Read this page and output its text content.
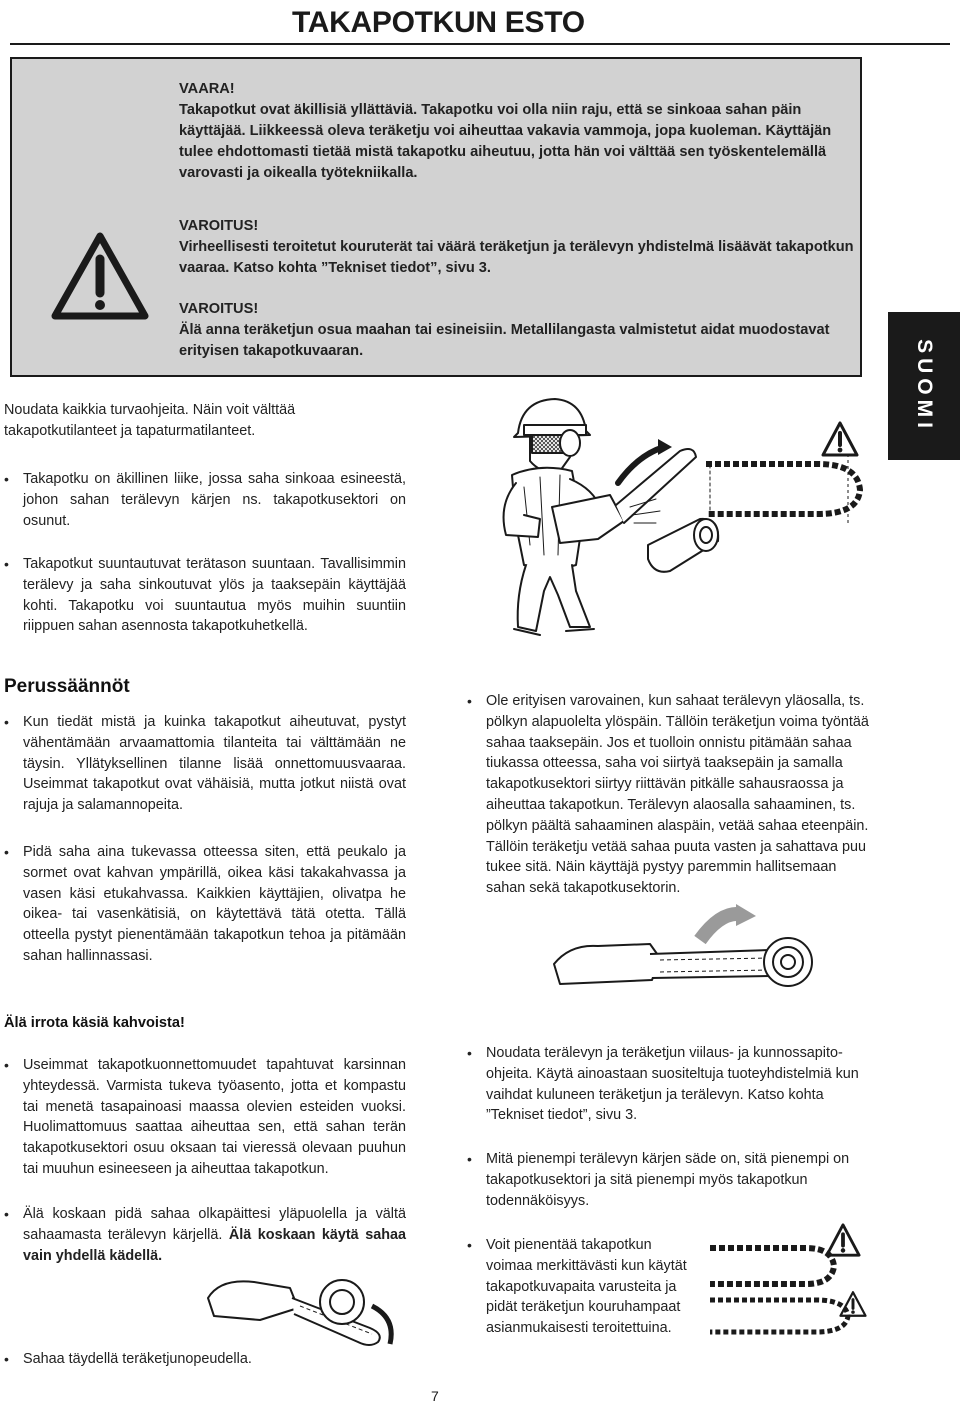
TAKAPOTKUN ESTO
VAARA!
Takapotkut ovat äkillisiä yllättäviä. Takapotku voi olla niin raju, että se sinkoaa sahan päin käyttäjää. Liikkeessä oleva teräketju voi aiheuttaa vakavia vammoja, jopa kuoleman. Käyttäjän tulee ehdottomasti tietää mistä takapotku aiheutuu, jotta hän voi välttää sen työskentelemällä varovasti ja oikealla työtekniikalla.
VAROITUS!
Virheellisesti teroitetut kouruterät tai väärä teräketjun ja terälevyn yhdistelmä lisäävät takapotkun vaaraa. Katso kohta ”Tekniset tiedot”, sivu 3.
VAROITUS!
Älä anna teräketjun osua maahan tai esineisiin. Metallilangasta valmistetut aidat muodostavat erityisen takapotkuvaaran.	SUOMI
Noudata kaikkia turvaohjeita. Näin voit välttää takapotkutilanteet ja tapaturmatilanteet.
• Takapotku on äkillinen liike, jossa saha sinkoaa esineestä, johon sahan terälevyn kärjen ns. takapotkusektori on osunut.
• Takapotkut suuntautuvat terätason suuntaan. Tavallisimmin terälevy ja saha sinkoutuvat ylös ja taaksepäin käyttäjää kohti. Takapotku voi suuntautua myös muihin suuntiin riippuen sahan asennosta takapotkuhetkellä.
Perussäännöt
• Kun tiedät mistä ja kuinka takapotkut aiheutuvat, pystyt vähentämään arvaamattomia tilanteita tai välttämään ne täysin. Yllätyksellinen tilanne lisää onnettomuusvaaraa. Useimmat takapotkut ovat vähäisiä, mutta jotkut niistä ovat rajuja ja salamannopeita.
• Pidä saha aina tukevassa otteessa siten, että peukalo ja sormet ovat kahvan ympärillä, oikea käsi takakahvassa ja vasen käsi etukahvassa. Kaikkien käyttäjien, olivatpa he oikea- tai vasenkätisiä, on käytettävä tätä otetta. Tällä otteella pystyt pienentämään takapotkun tehoa ja pitämään sahan hallinnassasi.
• Ole erityisen varovainen, kun sahaat terälevyn yläosalla, ts. pölkyn alapuolelta ylöspäin. Tällöin teräketjun voima työntää sahaa taaksepäin. Jos et tuolloin onnistu pitämään sahaa tiukassa otteessa, saha voi siirtyä taaksepäin ja samalla takapotkusektori siirtyy riittävän pitkälle sahausraossa ja aiheuttaa takapotkun. Terälevyn alaosalla sahaaminen, ts. pölkyn päältä sahaaminen alaspäin, vetää sahaa eteenpäin. Tällöin teräketju vetää sahaa puuta vasten ja sahattava puu tukee sitä. Näin käyttäjä pystyy paremmin hallitsemaan sahan sekä takapotkusektorin.
Älä irrota käsiä kahvoista!
• Useimmat takapotkuonnettomuudet tapahtuvat karsinnan yhteydessä. Varmista tukeva työasento, jotta et kompastu tai menetä tasapainoasi maassa olevien esteiden vuoksi. Huolimattomuus saattaa aiheuttaa sen, että sahan terän takapotkusektori osuu oksaan tai vieressä olevaan puuhun tai muuhun esineeseen ja aiheuttaa takapotkun.
• Älä koskaan pidä sahaa olkapäittesi yläpuolella ja vältä sahaamasta terälevyn kärjellä. Älä koskaan käytä sahaa vain yhdellä kädellä.
• Sahaa täydellä teräketjunopeudella.
• Noudata terälevyn ja teräketjun viilaus- ja kunnossapito-ohjeita. Käytä ainoastaan suositeltuja tuoteyhdistelmiä kun vaihdat kuluneen teräketjun ja terälevyn. Katso kohta ”Tekniset tiedot”, sivu 3.
• Mitä pienempi terälevyn kärjen säde on, sitä pienempi on takapotkusektori ja sitä pienempi myös takapotkun todennäköisyys.
• Voit pienentää takapotkun voimaa merkittävästi kun käytät takapotkuvapaita varusteita ja pidät teräketjun kouruhampaat asianmukaisesti teroitettuina.
7
